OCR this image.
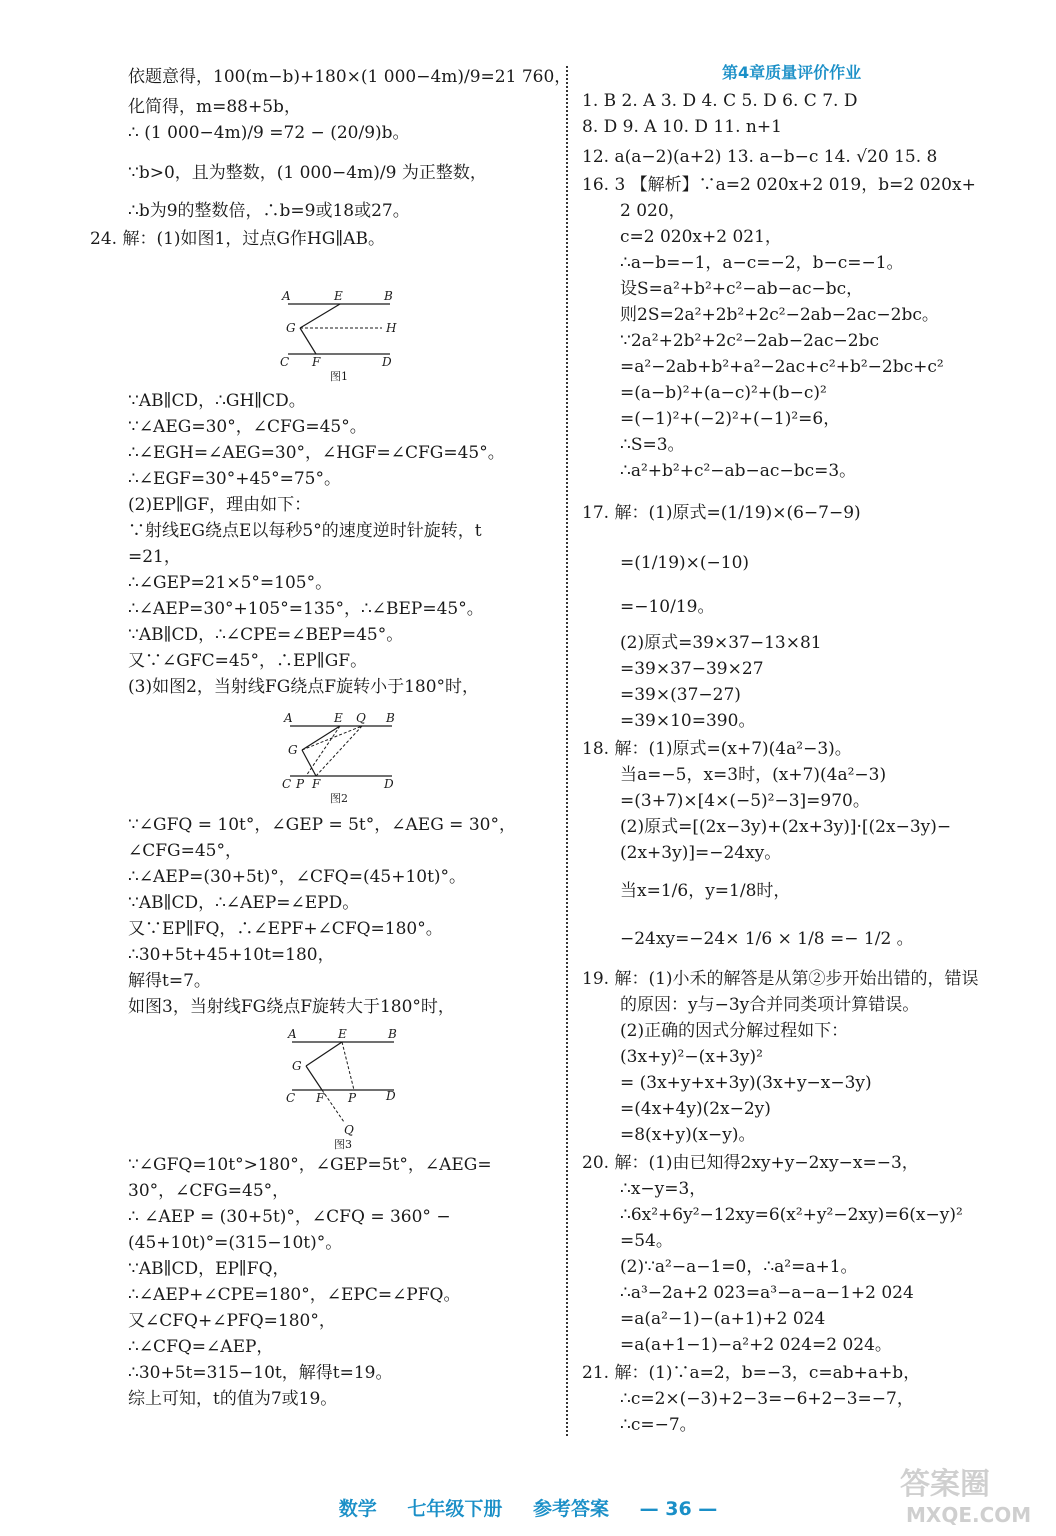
依题意得，100(m−b)+180×(1 000−4m)/9=21 760，
化简得，m=88+5b，
∴ (1 000−4m)/9 =72 − (20/9)b。
∵b>0，且为整数，(1 000−4m)/9 为正整数，
∴b为9的整数倍，∴b=9或18或27。
24. 解：(1)如图1，过点G作HG∥AB。
∵AB∥CD，∴GH∥CD。
∵∠AEG=30°，∠CFG=45°。
∴∠EGH=∠AEG=30°，∠HGF=∠CFG=45°。
∴∠EGF=30°+45°=75°。
(2)EP∥GF，理由如下：
∵射线EG绕点E以每秒5°的速度逆时针旋转，t
=21，
∴∠GEP=21×5°=105°。
∴∠AEP=30°+105°=135°，∴∠BEP=45°。
∵AB∥CD，∴∠CPE=∠BEP=45°。
又∵∠GFC=45°，∴EP∥GF。
(3)如图2，当射线FG绕点F旋转小于180°时，
∵∠GFQ = 10t°，∠GEP = 5t°，∠AEG = 30°，
∠CFG=45°，
∴∠AEP=(30+5t)°，∠CFQ=(45+10t)°。
∵AB∥CD，∴∠AEP=∠EPD。
又∵EP∥FQ，∴∠EPF+∠CFQ=180°。
∴30+5t+45+10t=180，
解得t=7。
如图3，当射线FG绕点F旋转大于180°时，
∵∠GFQ=10t°>180°，∠GEP=5t°，∠AEG=
30°，∠CFG=45°，
∴ ∠AEP = (30+5t)°，∠CFQ = 360° −
(45+10t)°=(315−10t)°。
∵AB∥CD，EP∥FQ，
∴∠AEP+∠CPE=180°，∠EPC=∠PFQ。
又∠CFQ+∠PFQ=180°，
∴∠CFQ=∠AEP，
∴30+5t=315−10t，解得t=19。
综上可知，t的值为7或19。
第4章质量评价作业
1. B 2. A 3. D 4. C 5. D 6. C 7. D
8. D 9. A 10. D 11. n+1
12. a(a−2)(a+2) 13. a−b−c 14. √20 15. 8
16. 3 【解析】∵a=2 020x+2 019，b=2 020x+
2 020，
c=2 020x+2 021，
∴a−b=−1，a−c=−2，b−c=−1。
设S=a²+b²+c²−ab−ac−bc，
则2S=2a²+2b²+2c²−2ab−2ac−2bc。
∵2a²+2b²+2c²−2ab−2ac−2bc
=a²−2ab+b²+a²−2ac+c²+b²−2bc+c²
=(a−b)²+(a−c)²+(b−c)²
=(−1)²+(−2)²+(−1)²=6，
∴S=3。
∴a²+b²+c²−ab−ac−bc=3。
17. 解：(1)原式=(1/19)×(6−7−9)
=(1/19)×(−10)
=−10/19。
(2)原式=39×37−13×81
=39×37−39×27
=39×(37−27)
=39×10=390。
18. 解：(1)原式=(x+7)(4a²−3)。
当a=−5，x=3时，(x+7)(4a²−3)
=(3+7)×[4×(−5)²−3]=970。
(2)原式=[(2x−3y)+(2x+3y)]·[(2x−3y)−
(2x+3y)]=−24xy。
当x=1/6，y=1/8时，
−24xy=−24× 1/6 × 1/8 =− 1/2 。
19. 解：(1)小禾的解答是从第②步开始出错的，错误
的原因：y与−3y合并同类项计算错误。
(2)正确的因式分解过程如下：
(3x+y)²−(x+3y)²
= (3x+y+x+3y)(3x+y−x−3y)
=(4x+4y)(2x−2y)
=8(x+y)(x−y)。
20. 解：(1)由已知得2xy+y−2xy−x=−3，
∴x−y=3，
∴6x²+6y²−12xy=6(x²+y²−2xy)=6(x−y)²
=54。
(2)∵a²−a−1=0，∴a²=a+1。
∴a³−2a+2 023=a³−a−a−1+2 024
=a(a²−1)−(a+1)+2 024
=a(a+1−1)−a²+2 024=2 024。
21. 解：(1)∵a=2，b=−3，c=ab+a+b，
∴c=2×(−3)+2−3=−6+2−3=−7，
∴c=−7。
A	E	B
G	H
C F	D
图1
A	E Q B
G
C P F	D
图2
A	E	B
G
C F P D
Q
图3
数学 七年级下册 参考答案 — 36 —
答案圈
MXQE.COM
